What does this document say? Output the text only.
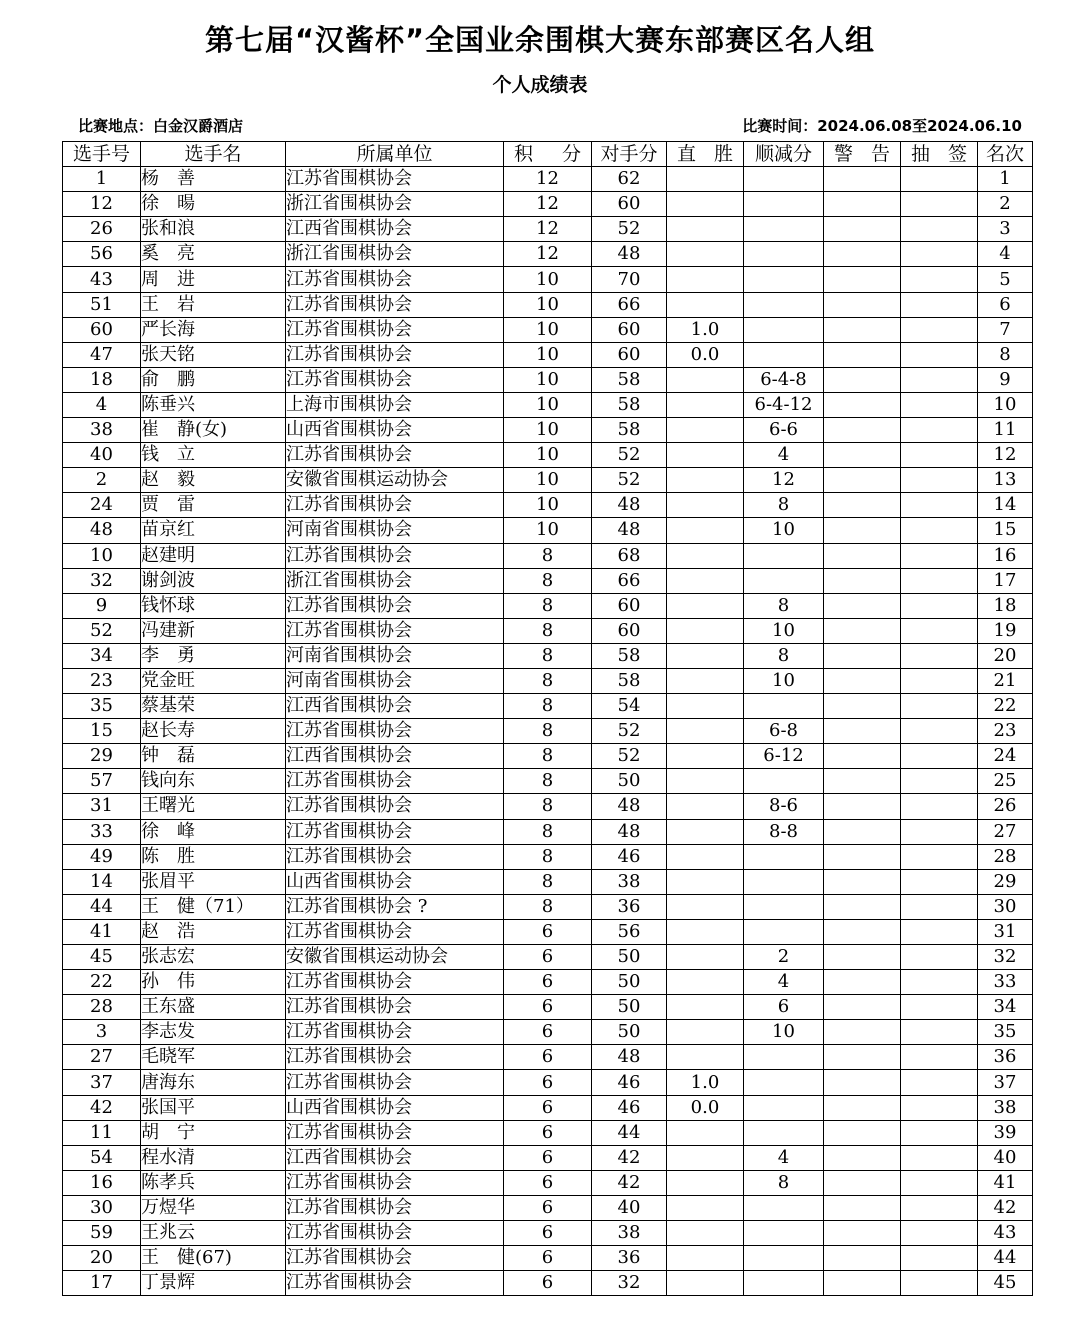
第七届“汉酱杯”全国业余围棋大赛东部赛区名人组
个人成绩表
比赛地点：白金汉爵酒店	比赛时间：2024.06.08至2024.06.10
选手号	选手名	所属单位	积分	对手分	直胜	顺减分	警告	抽签	名次
1	杨　善	江苏省围棋协会	12	62					1
12	徐　暘	浙江省围棋协会	12	60					2
26	张和浪	江西省围棋协会	12	52					3
56	奚　亮	浙江省围棋协会	12	48					4
43	周　进	江苏省围棋协会	10	70					5
51	王　岩	江苏省围棋协会	10	66					6
60	严长海	江苏省围棋协会	10	60	1.0				7
47	张天铭	江苏省围棋协会	10	60	0.0				8
18	俞　鹏	江苏省围棋协会	10	58		6-4-8			9
4	陈垂兴	上海市围棋协会	10	58		6-4-12			10
38	崔　静(女)	山西省围棋协会	10	58		6-6			11
40	钱　立	江苏省围棋协会	10	52		4			12
2	赵　毅	安徽省围棋运动协会	10	52		12			13
24	贾　雷	江苏省围棋协会	10	48		8			14
48	苗京红	河南省围棋协会	10	48		10			15
10	赵建明	江苏省围棋协会	8	68					16
32	谢剑波	浙江省围棋协会	8	66					17
9	钱怀球	江苏省围棋协会	8	60		8			18
52	冯建新	江苏省围棋协会	8	60		10			19
34	李　勇	河南省围棋协会	8	58		8			20
23	党金旺	河南省围棋协会	8	58		10			21
35	蔡基荣	江西省围棋协会	8	54					22
15	赵长寿	江苏省围棋协会	8	52		6-8			23
29	钟　磊	江西省围棋协会	8	52		6-12			24
57	钱向东	江苏省围棋协会	8	50					25
31	王曙光	江苏省围棋协会	8	48		8-6			26
33	徐　峰	江苏省围棋协会	8	48		8-8			27
49	陈　胜	江苏省围棋协会	8	46					28
14	张眉平	山西省围棋协会	8	38					29
44	王　健（71）	江苏省围棋协会 ?	8	36					30
41	赵　浩	江苏省围棋协会	6	56					31
45	张志宏	安徽省围棋运动协会	6	50		2			32
22	孙　伟	江苏省围棋协会	6	50		4			33
28	王东盛	江苏省围棋协会	6	50		6			34
3	李志发	江苏省围棋协会	6	50		10			35
27	毛晓军	江苏省围棋协会	6	48					36
37	唐海东	江苏省围棋协会	6	46	1.0				37
42	张国平	山西省围棋协会	6	46	0.0				38
11	胡　宁	江苏省围棋协会	6	44					39
54	程水清	江西省围棋协会	6	42		4			40
16	陈孝兵	江苏省围棋协会	6	42		8			41
30	万煜华	江苏省围棋协会	6	40					42
59	王兆云	江苏省围棋协会	6	38					43
20	王　健(67)	江苏省围棋协会	6	36					44
17	丁景辉	江苏省围棋协会	6	32					45
